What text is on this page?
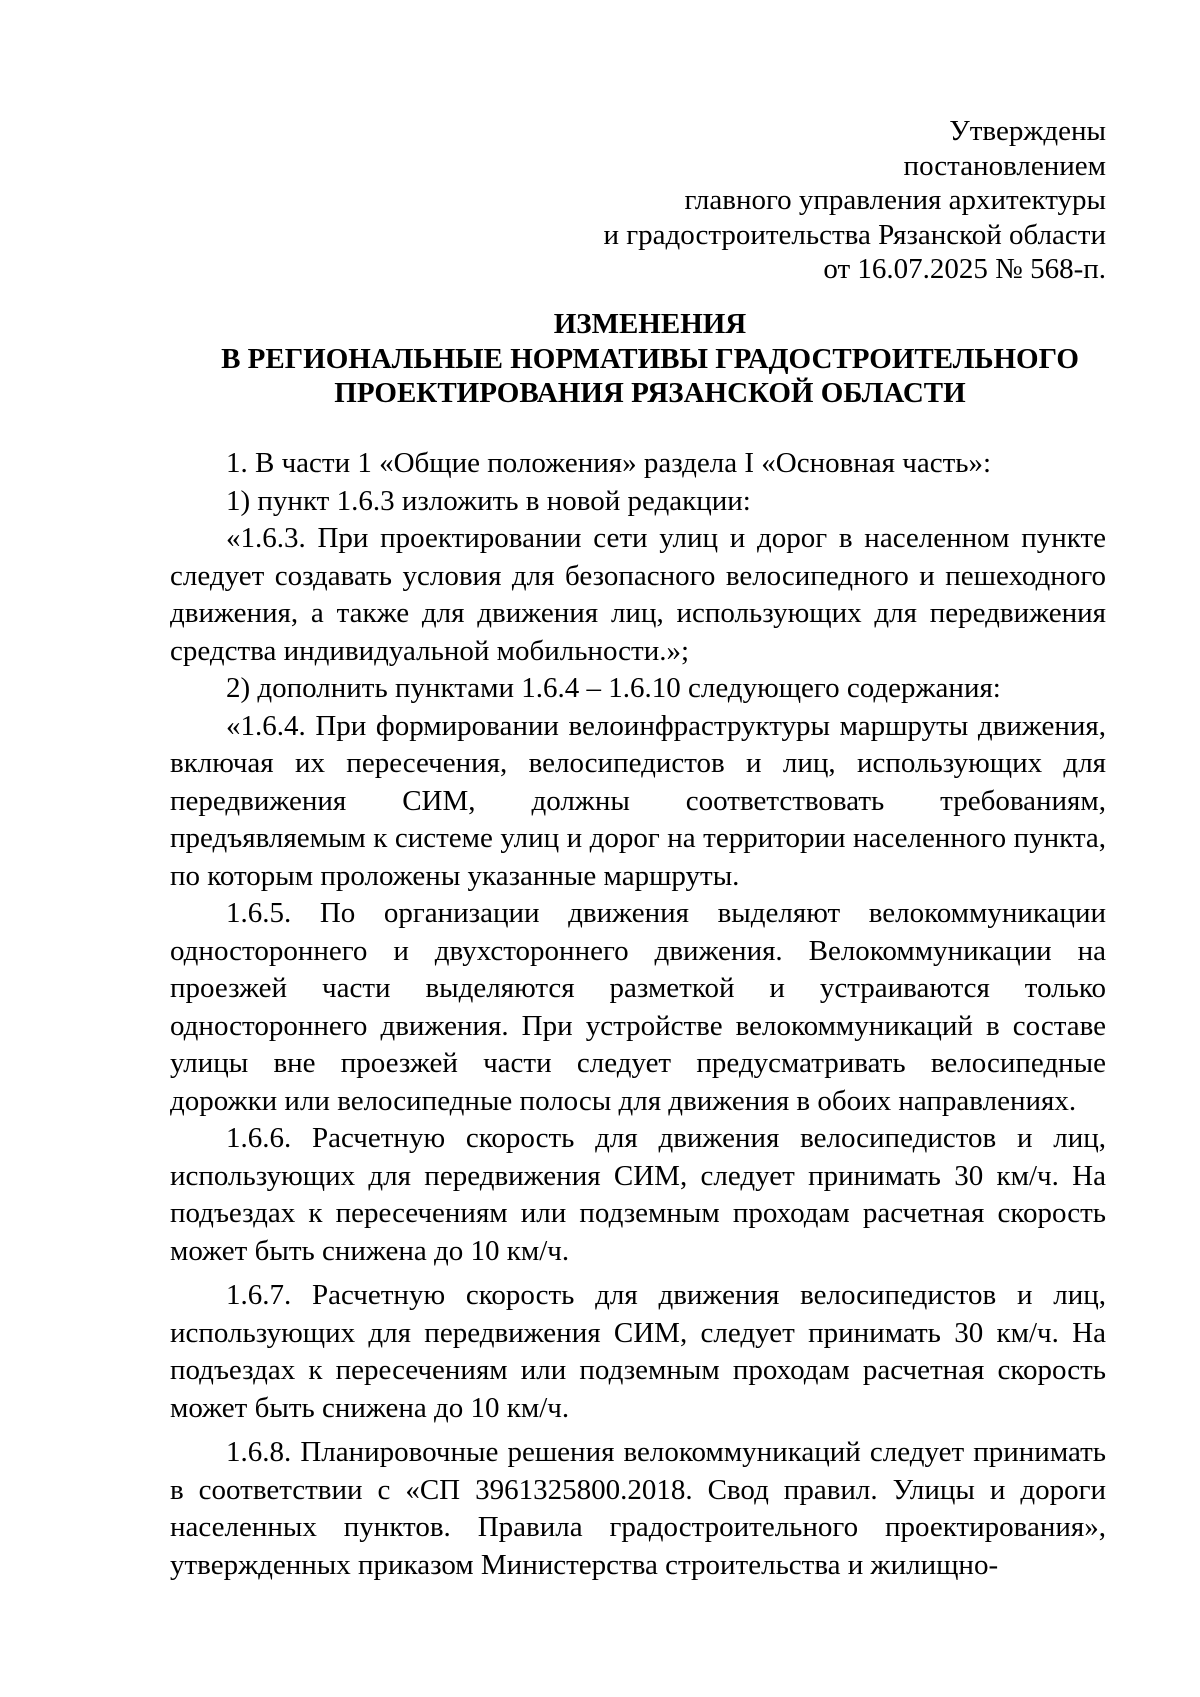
Утверждены
постановлением
главного управления архитектуры
и градостроительства Рязанской области
от 16.07.2025 № 568-п.
ИЗМЕНЕНИЯ
В РЕГИОНАЛЬНЫЕ НОРМАТИВЫ ГРАДОСТРОИТЕЛЬНОГО
ПРОЕКТИРОВАНИЯ РЯЗАНСКОЙ ОБЛАСТИ

1. В части 1 «Общие положения» раздела I «Основная часть»:

1) пункт 1.6.3 изложить в новой редакции:

«1.6.3. При проектировании сети улиц и дорог в населенном пункте следует создавать условия для безопасного велосипедного и пешеходного движения, а также для движения лиц, использующих для передвижения средства индивидуальной мобильности.»;

2) дополнить пунктами 1.6.4 – 1.6.10 следующего содержания:

«1.6.4. При формировании велоинфраструктуры маршруты движения, включая их пересечения, велосипедистов и лиц, использующих для передвижения СИМ, должны соответствовать требованиям, предъявляемым к системе улиц и дорог на территории населенного пункта, по которым проложены указанные маршруты.

1.6.5. По организации движения выделяют велокоммуникации одностороннего и двухстороннего движения. Велокоммуникации на проезжей части выделяются разметкой и устраиваются только одностороннего движения. При устройстве велокоммуникаций в составе улицы вне проезжей части следует предусматривать велосипедные дорожки или велосипедные полосы для движения в обоих направлениях.

1.6.6. Расчетную скорость для движения велосипедистов и лиц, использующих для передвижения СИМ, следует принимать 30 км/ч. На подъездах к пересечениям или подземным проходам расчетная скорость может быть снижена до 10 км/ч.

1.6.7. Расчетную скорость для движения велосипедистов и лиц, использующих для передвижения СИМ, следует принимать 30 км/ч. На подъездах к пересечениям или подземным проходам расчетная скорость может быть снижена до 10 км/ч.

1.6.8. Планировочные решения велокоммуникаций следует принимать в соответствии с «СП 3961325800.2018. Свод правил. Улицы и дороги населенных пунктов. Правила градостроительного проектирования», утвержденных приказом Министерства строительства и жилищно-
